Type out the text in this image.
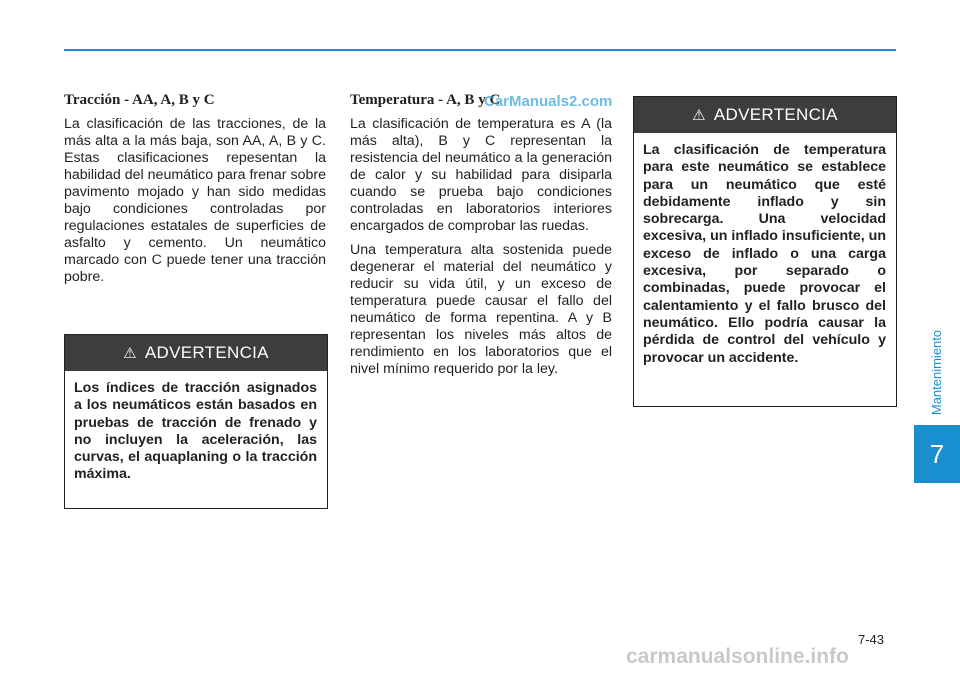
Mantenimiento
7
Tracción - AA, A, B y C

La clasificación de las tracciones, de la más alta a la más baja, son AA, A, B y C. Estas clasificaciones repesentan la habilidad del neumático para frenar sobre pavimento mojado y han sido medidas bajo condiciones controladas por regulaciones estatales de superficies de asfalto y cemento. Un neumático marcado con C puede tener una tracción pobre.

⚠ ADVERTENCIA
Los índices de tracción asignados a los neumáticos están basados en pruebas de tracción de frenado y no incluyen la aceleración, las curvas, el aquaplaning o la tracción máxima.
Temperatura - A, B y C

La clasificación de temperatura es A (la más alta), B y C representan la resistencia del neumático a la generación de calor y su habilidad para disiparla cuando se prueba bajo condiciones controladas en laboratorios interiores encargados de comprobar las ruedas.

Una temperatura alta sostenida puede degenerar el material del neumático y reducir su vida útil, y un exceso de temperatura puede causar el fallo del neumático de forma repentina. A y B representan los niveles más altos de rendimiento en los laboratorios que el nivel mínimo requerido por la ley.

CarManuals2.com
⚠ ADVERTENCIA
La clasificación de temperatura para este neumático se establece para un neumático que esté debidamente inflado y sin sobrecarga. Una velocidad excesiva, un inflado insuficiente, un exceso de inflado o una carga excesiva, por separado o combinadas, puede provocar el calentamiento y el fallo brusco del neumático. Ello podría causar la pérdida de control del vehículo y provocar un accidente.
7-43
carmanualsonline.info
